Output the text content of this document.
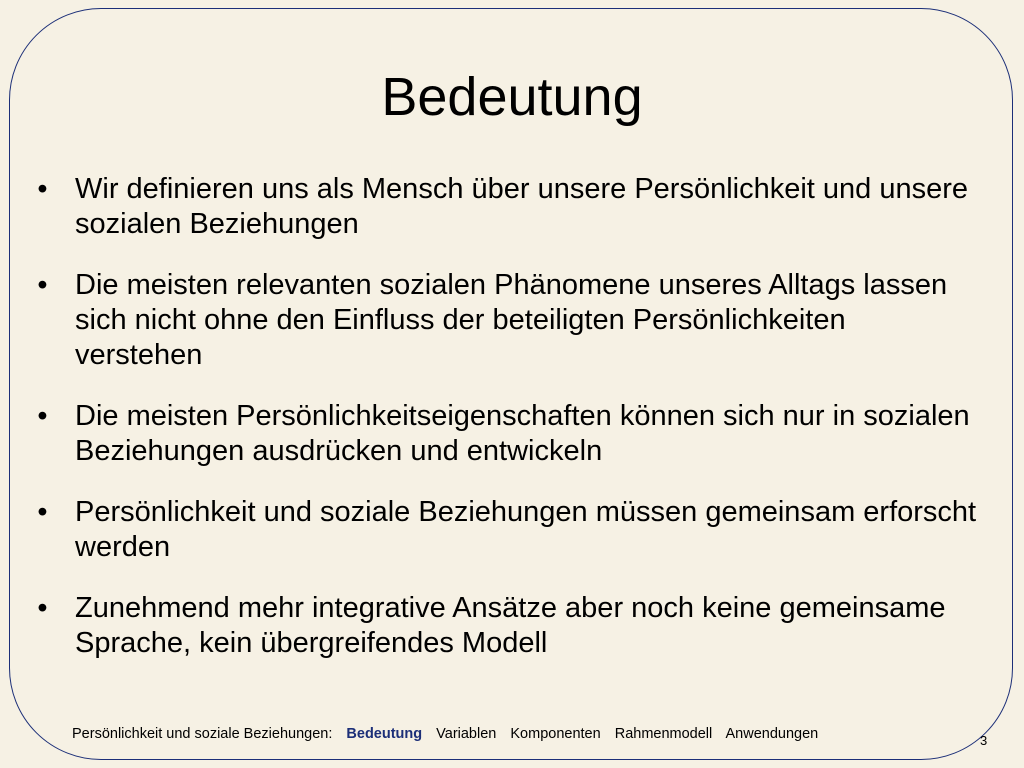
Bedeutung
• Wir definieren uns als Mensch über unsere Persönlichkeit und unsere sozialen Beziehungen
• Die meisten relevanten sozialen Phänomene unseres Alltags lassen sich nicht ohne den Einfluss der beteiligten Persönlichkeiten verstehen
• Die meisten Persönlichkeitseigenschaften können sich nur in sozialen Beziehungen ausdrücken und entwickeln
• Persönlichkeit und soziale Beziehungen müssen gemeinsam erforscht werden
• Zunehmend mehr integrative Ansätze aber noch keine gemeinsame Sprache, kein übergreifendes Modell
Persönlichkeit und soziale Beziehungen: Bedeutung Variablen Komponenten Rahmenmodell Anwendungen	3
